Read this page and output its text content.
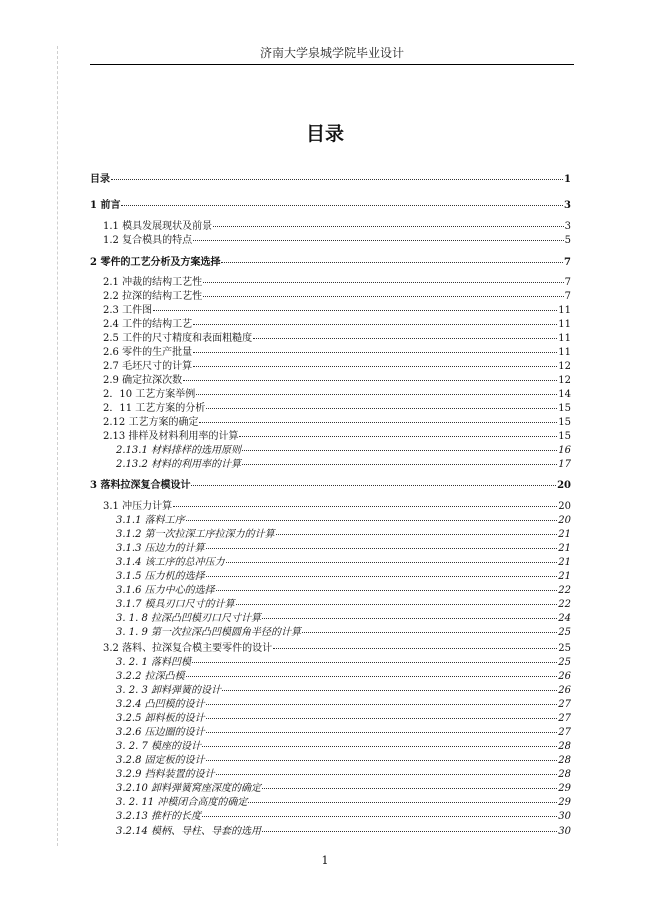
济南大学泉城学院毕业设计
目录
目录	1
1 前言	3
1.1 模具发展现状及前景	3
1.2 复合模具的特点	5
2 零件的工艺分析及方案选择	7
2.1 冲裁的结构工艺性	7
2.2 拉深的结构工艺性	7
2.3 工件图	11
2.4 工件的结构工艺	11
2.5 工件的尺寸精度和表面粗糙度	11
2.6 零件的生产批量	11
2.7 毛坯尺寸的计算	12
2.9 确定拉深次数	12
2．10 工艺方案举例	14
2．11 工艺方案的分析	15
2.12 工艺方案的确定	15
2.13 排样及材料利用率的计算	15
2.13.1 材料排样的选用原则	16
2.13.2 材料的利用率的计算	17
3 落料拉深复合模设计	20
3.1 冲压力计算	20
3.1.1 落料工序	20
3.1.2 第一次拉深工序拉深力的计算	21
3.1.3 压边力的计算	21
3.1.4 该工序的总冲压力	21
3.1.5 压力机的选择	21
3.1.6 压力中心的选择	22
3.1.7 模具刃口尺寸的计算	22
3. 1. 8 拉深凸凹模刃口尺寸计算	24
3. 1. 9 第一次拉深凸凹模圆角半径的计算	25
3.2 落料、拉深复合模主要零件的设计	25
3. 2. 1 落料凹模	25
3.2.2 拉深凸模	26
3. 2. 3 卸料弹簧的设计	26
3.2.4 凸凹模的设计	27
3.2.5 卸料板的设计	27
3.2.6 压边圈的设计	27
3. 2. 7 模座的设计	28
3.2.8 固定板的设计	28
3.2.9 挡料装置的设计	28
3.2.10 卸料弹簧窝座深度的确定	29
3. 2. 11 冲模闭合高度的确定	29
3.2.13 推杆的长度	30
3.2.14 模柄、导柱、导套的选用	30
1
